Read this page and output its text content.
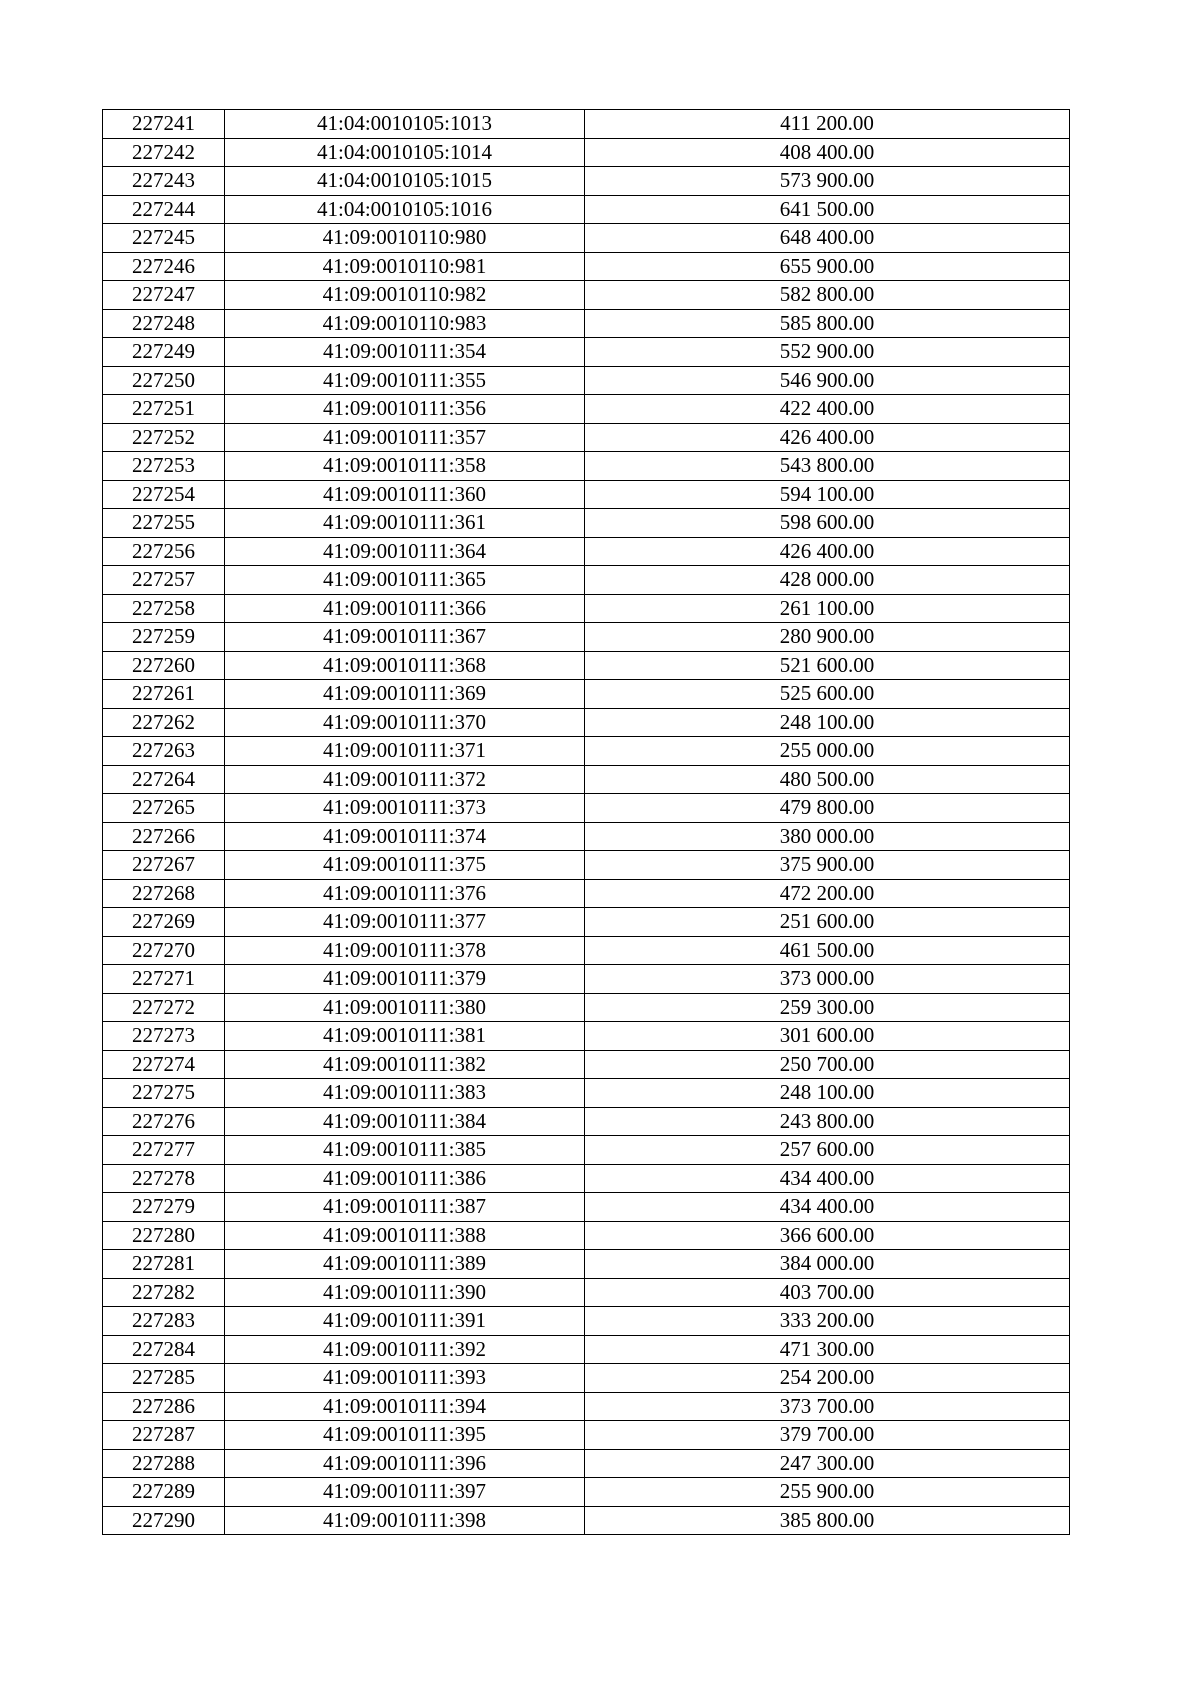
227241	41:04:0010105:1013	411 200.00
227242	41:04:0010105:1014	408 400.00
227243	41:04:0010105:1015	573 900.00
227244	41:04:0010105:1016	641 500.00
227245	41:09:0010110:980	648 400.00
227246	41:09:0010110:981	655 900.00
227247	41:09:0010110:982	582 800.00
227248	41:09:0010110:983	585 800.00
227249	41:09:0010111:354	552 900.00
227250	41:09:0010111:355	546 900.00
227251	41:09:0010111:356	422 400.00
227252	41:09:0010111:357	426 400.00
227253	41:09:0010111:358	543 800.00
227254	41:09:0010111:360	594 100.00
227255	41:09:0010111:361	598 600.00
227256	41:09:0010111:364	426 400.00
227257	41:09:0010111:365	428 000.00
227258	41:09:0010111:366	261 100.00
227259	41:09:0010111:367	280 900.00
227260	41:09:0010111:368	521 600.00
227261	41:09:0010111:369	525 600.00
227262	41:09:0010111:370	248 100.00
227263	41:09:0010111:371	255 000.00
227264	41:09:0010111:372	480 500.00
227265	41:09:0010111:373	479 800.00
227266	41:09:0010111:374	380 000.00
227267	41:09:0010111:375	375 900.00
227268	41:09:0010111:376	472 200.00
227269	41:09:0010111:377	251 600.00
227270	41:09:0010111:378	461 500.00
227271	41:09:0010111:379	373 000.00
227272	41:09:0010111:380	259 300.00
227273	41:09:0010111:381	301 600.00
227274	41:09:0010111:382	250 700.00
227275	41:09:0010111:383	248 100.00
227276	41:09:0010111:384	243 800.00
227277	41:09:0010111:385	257 600.00
227278	41:09:0010111:386	434 400.00
227279	41:09:0010111:387	434 400.00
227280	41:09:0010111:388	366 600.00
227281	41:09:0010111:389	384 000.00
227282	41:09:0010111:390	403 700.00
227283	41:09:0010111:391	333 200.00
227284	41:09:0010111:392	471 300.00
227285	41:09:0010111:393	254 200.00
227286	41:09:0010111:394	373 700.00
227287	41:09:0010111:395	379 700.00
227288	41:09:0010111:396	247 300.00
227289	41:09:0010111:397	255 900.00
227290	41:09:0010111:398	385 800.00
